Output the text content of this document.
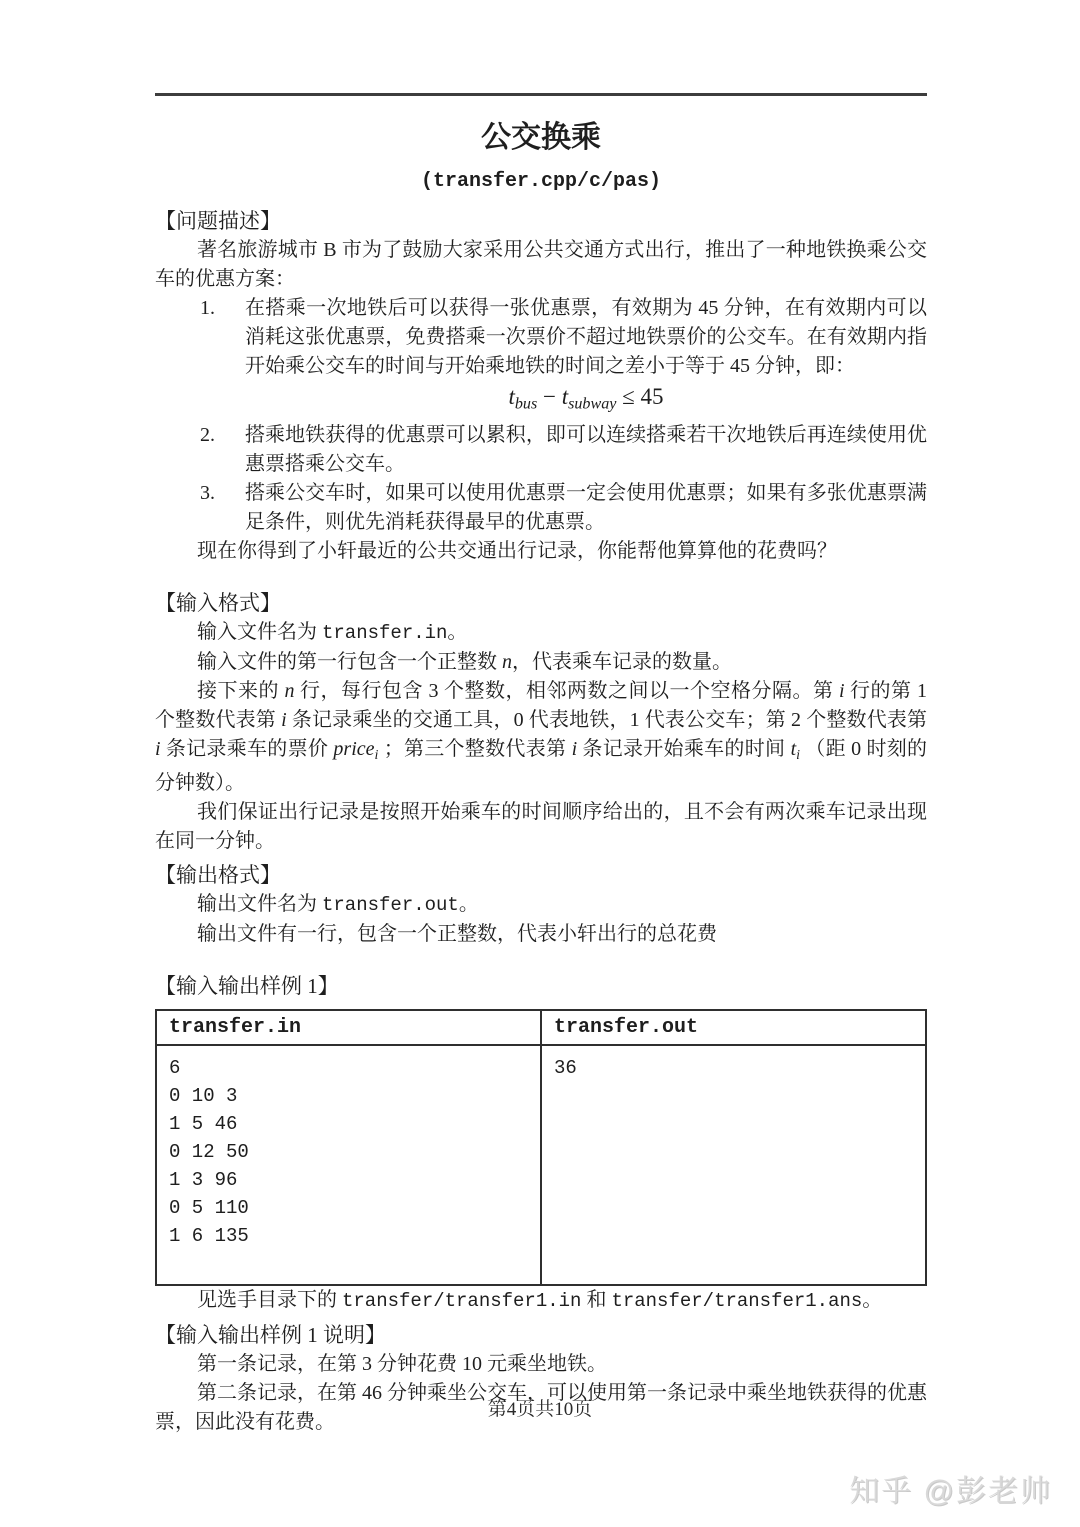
公交换乘
(transfer.cpp/c/pas)
【问题描述】

著名旅游城市 B 市为了鼓励大家采用公共交通方式出行，推出了一种地铁换乘公交车的优惠方案：

1.	在搭乘一次地铁后可以获得一张优惠票，有效期为 45 分钟，在有效期内可以消耗这张优惠票，免费搭乘一次票价不超过地铁票价的公交车。在有效期内指开始乘公交车的时间与开始乘地铁的时间之差小于等于 45 分钟，即：
tbus − tsubway ≤ 45
2.	搭乘地铁获得的优惠票可以累积，即可以连续搭乘若干次地铁后再连续使用优惠票搭乘公交车。
3.	搭乘公交车时，如果可以使用优惠票一定会使用优惠票；如果有多张优惠票满足条件，则优先消耗获得最早的优惠票。

现在你得到了小轩最近的公共交通出行记录，你能帮他算算他的花费吗？

【输入格式】

输入文件名为 transfer.in。

输入文件的第一行包含一个正整数 n，代表乘车记录的数量。

接下来的 n 行，每行包含 3 个整数，相邻两数之间以一个空格分隔。第 i 行的第 1 个整数代表第 i 条记录乘坐的交通工具，0 代表地铁，1 代表公交车；第 2 个整数代表第 i 条记录乘车的票价 pricei ；第三个整数代表第 i 条记录开始乘车的时间 ti （距 0 时刻的分钟数）。

我们保证出行记录是按照开始乘车的时间顺序给出的，且不会有两次乘车记录出现在同一分钟。

【输出格式】

输出文件名为 transfer.out。

输出文件有一行，包含一个正整数，代表小轩出行的总花费

【输入输出样例 1】
transfer.in	transfer.out

6
0 10 3
1 5 46
0 12 50
1 3 96
0 5 110
1 6 135

36

见选手目录下的 transfer/transfer1.in 和 transfer/transfer1.ans。

【输入输出样例 1 说明】

第一条记录，在第 3 分钟花费 10 元乘坐地铁。

第二条记录，在第 46 分钟乘坐公交车，可以使用第一条记录中乘坐地铁获得的优惠票，因此没有花费。

第4页共10页
知乎 @彭老帅
